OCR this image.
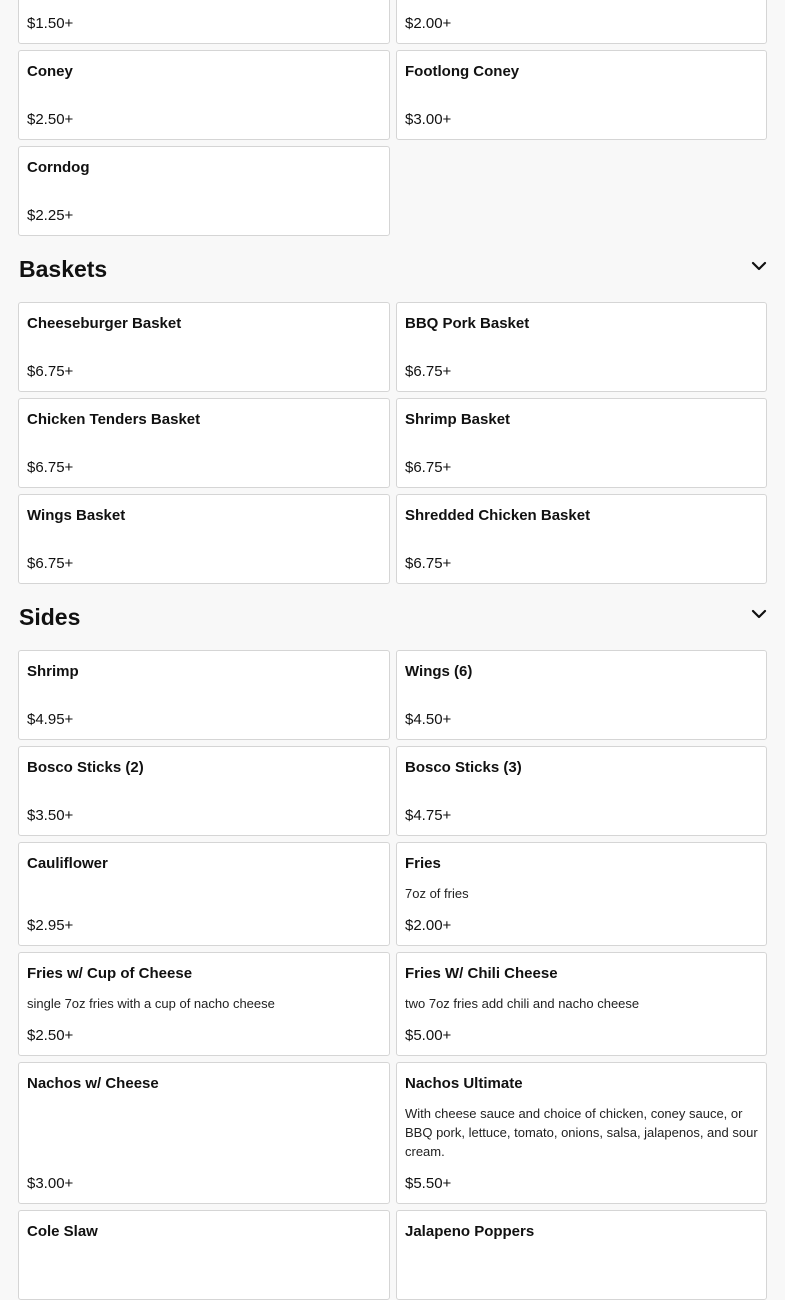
$1.50+	$2.00+
Coney
$2.50+
Footlong Coney
$3.00+
Corndog
$2.25+
Baskets
Cheeseburger Basket
$6.75+
BBQ Pork Basket
$6.75+
Chicken Tenders Basket
$6.75+
Shrimp Basket
$6.75+
Wings Basket
$6.75+
Shredded Chicken Basket
$6.75+
Sides
Shrimp
$4.95+
Wings (6)
$4.50+
Bosco Sticks (2)
$3.50+
Bosco Sticks (3)
$4.75+
Cauliflower
$2.95+
Fries
7oz of fries
$2.00+
Fries w/ Cup of Cheese
single 7oz fries with a cup of nacho cheese
$2.50+
Fries W/ Chili Cheese
two 7oz fries add chili and nacho cheese
$5.00+
Nachos w/ Cheese
$3.00+
Nachos Ultimate
With cheese sauce and choice of chicken, coney sauce, or BBQ pork, lettuce, tomato, onions, salsa, jalapenos, and sour cream.
$5.50+
Cole Slaw	Jalapeno Poppers
